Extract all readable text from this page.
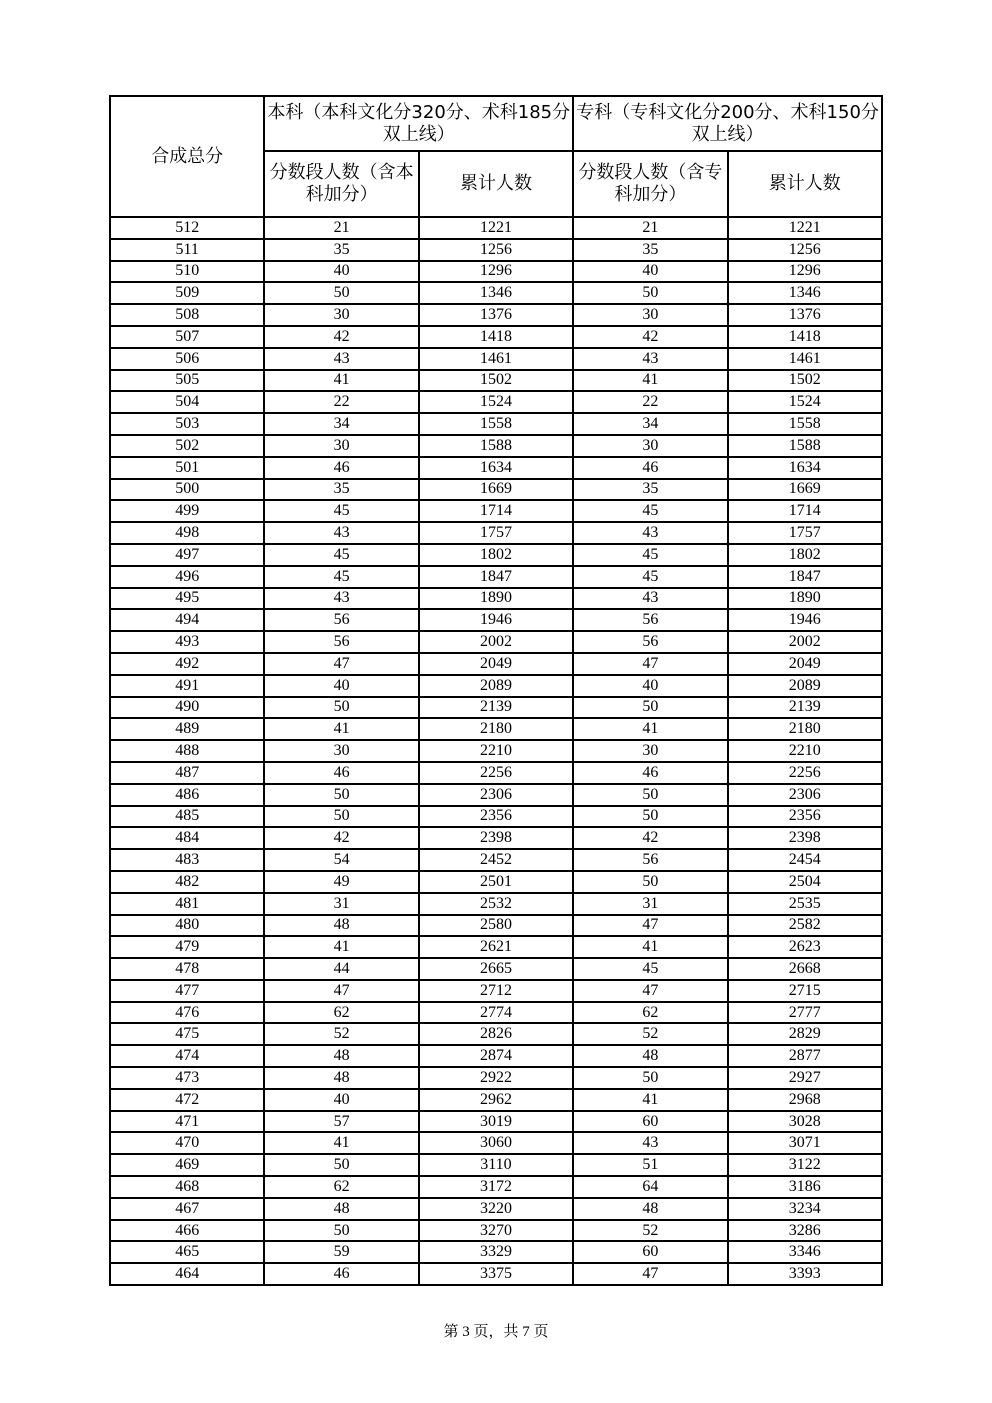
合成总分	本科（本科文化分320分、术科185分双上线）		专科（专科文化分200分、术科150分双上线）	
	分数段人数（含本科加分）	累计人数	分数段人数（含专科加分）	累计人数
512	21	1221	21	1221
511	35	1256	35	1256
510	40	1296	40	1296
509	50	1346	50	1346
508	30	1376	30	1376
507	42	1418	42	1418
506	43	1461	43	1461
505	41	1502	41	1502
504	22	1524	22	1524
503	34	1558	34	1558
502	30	1588	30	1588
501	46	1634	46	1634
500	35	1669	35	1669
499	45	1714	45	1714
498	43	1757	43	1757
497	45	1802	45	1802
496	45	1847	45	1847
495	43	1890	43	1890
494	56	1946	56	1946
493	56	2002	56	2002
492	47	2049	47	2049
491	40	2089	40	2089
490	50	2139	50	2139
489	41	2180	41	2180
488	30	2210	30	2210
487	46	2256	46	2256
486	50	2306	50	2306
485	50	2356	50	2356
484	42	2398	42	2398
483	54	2452	56	2454
482	49	2501	50	2504
481	31	2532	31	2535
480	48	2580	47	2582
479	41	2621	41	2623
478	44	2665	45	2668
477	47	2712	47	2715
476	62	2774	62	2777
475	52	2826	52	2829
474	48	2874	48	2877
473	48	2922	50	2927
472	40	2962	41	2968
471	57	3019	60	3028
470	41	3060	43	3071
469	50	3110	51	3122
468	62	3172	64	3186
467	48	3220	48	3234
466	50	3270	52	3286
465	59	3329	60	3346
464	46	3375	47	3393
第 3 页，共 7 页
